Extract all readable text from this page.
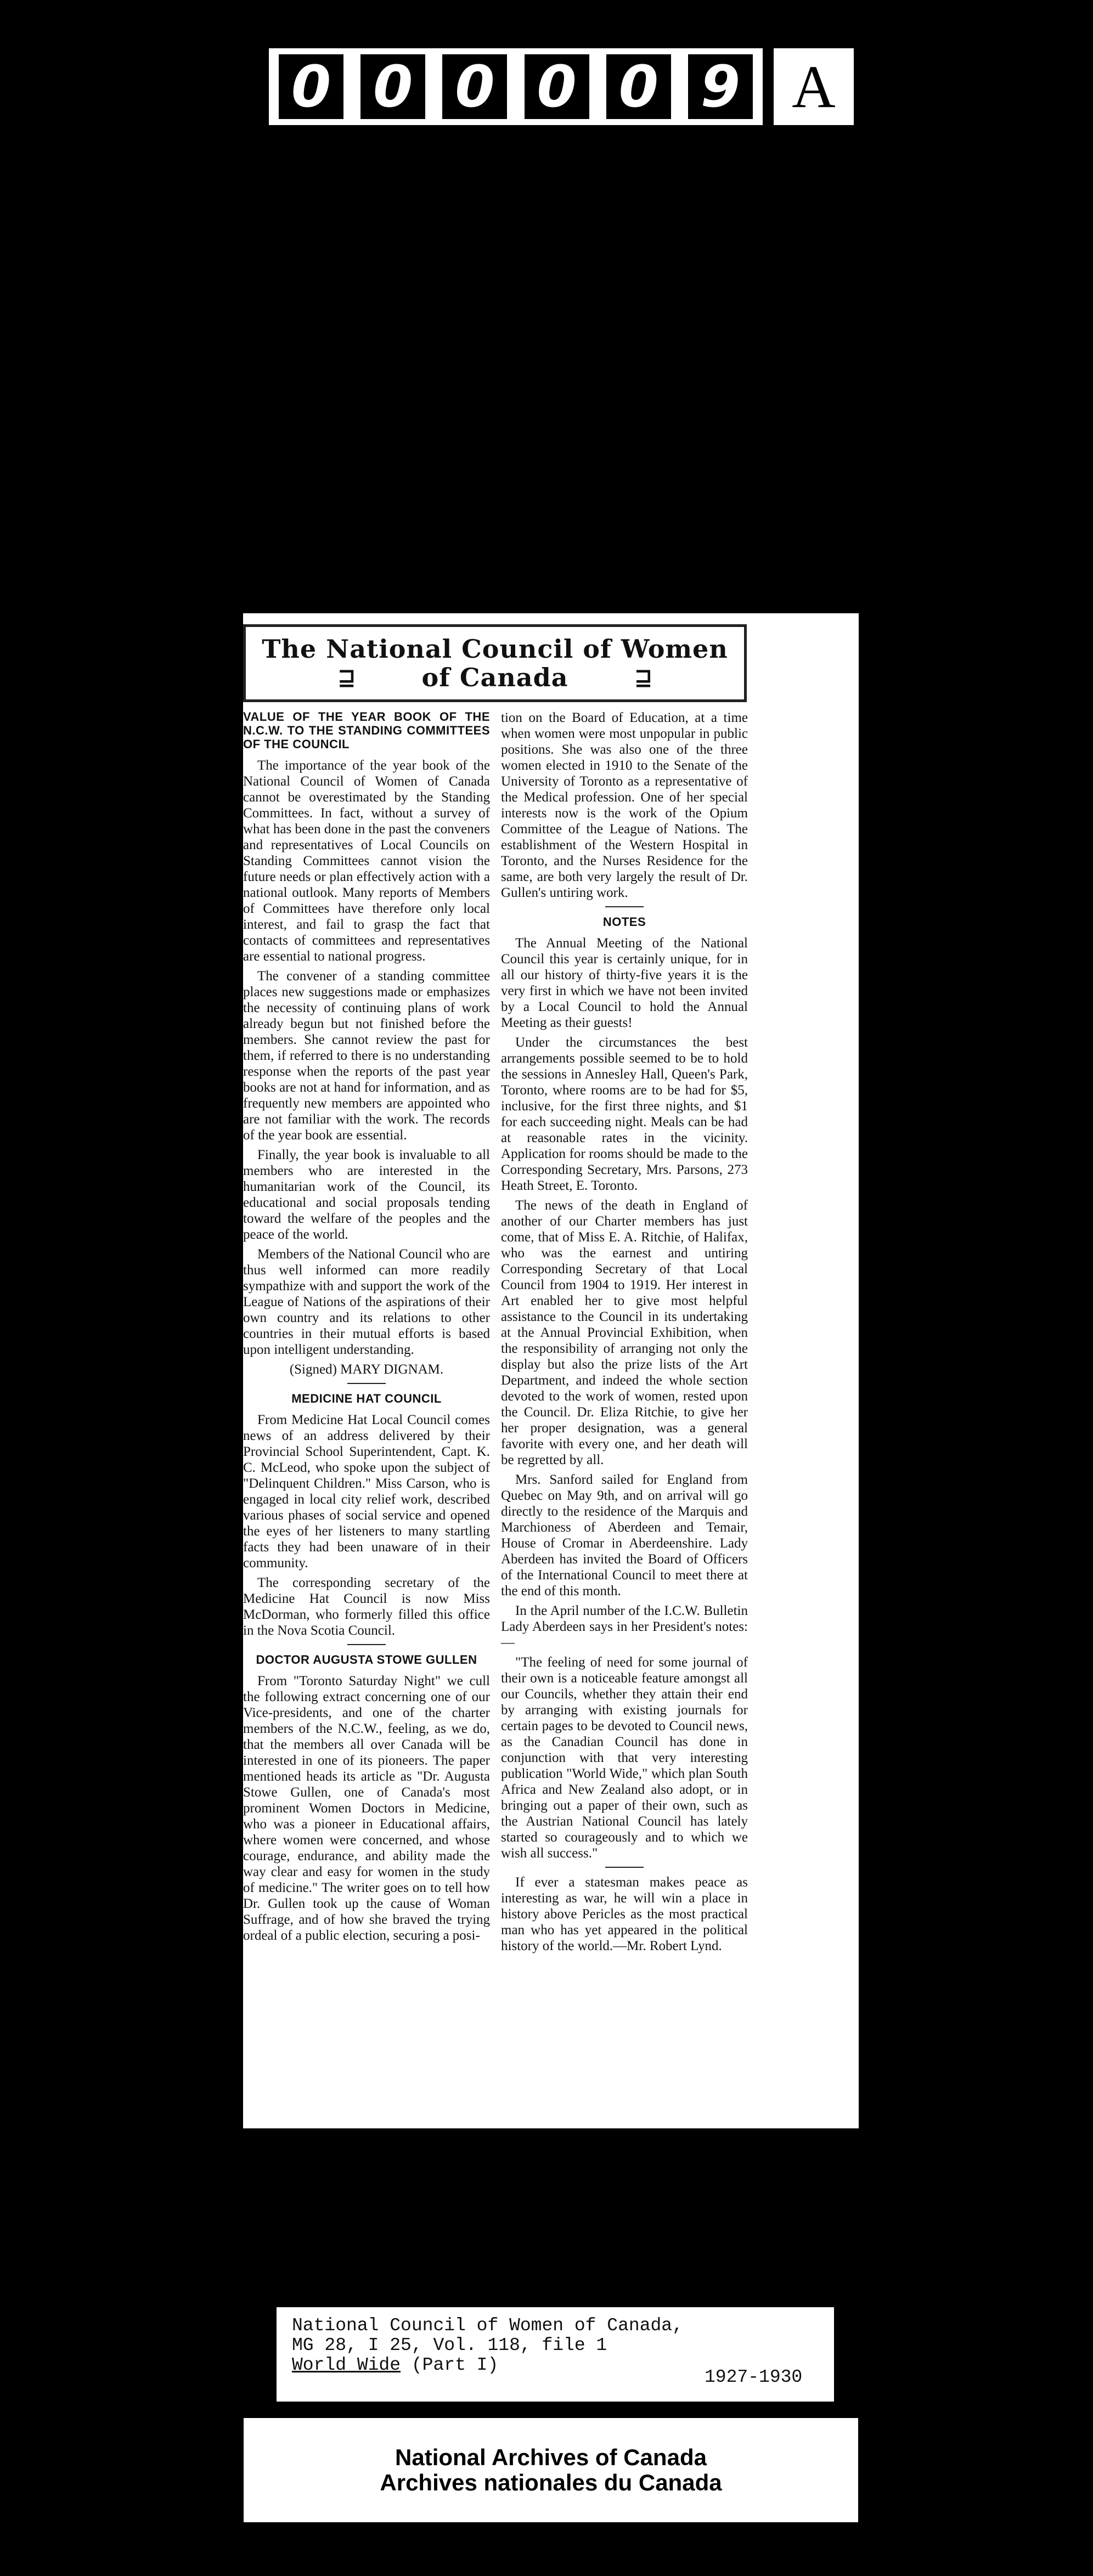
0 0 0 0 0 9 A
The National Council of Women
⊒	of Canada	⊒
VALUE OF THE YEAR BOOK OF THE N.C.W. TO THE STANDING COMMITTEES OF THE COUNCIL

The importance of the year book of the National Council of Women of Canada cannot be overestimated by the Standing Committees. In fact, without a survey of what has been done in the past the conveners and representatives of Local Councils on Standing Committees cannot vision the future needs or plan effectively action with a national outlook. Many reports of Members of Committees have therefore only local interest, and fail to grasp the fact that contacts of committees and representatives are essential to national progress.

The convener of a standing committee places new suggestions made or emphasizes the necessity of continuing plans of work already begun but not finished before the members. She cannot review the past for them, if referred to there is no understanding response when the reports of the past year books are not at hand for information, and as frequently new members are appointed who are not familiar with the work. The records of the year book are essential.

Finally, the year book is invaluable to all members who are interested in the humanitarian work of the Council, its educational and social proposals tending toward the welfare of the peoples and the peace of the world.

Members of the National Council who are thus well informed can more readily sympathize with and support the work of the League of Nations of the aspirations of their own country and its relations to other countries in their mutual efforts is based upon intelligent understanding.

(Signed) MARY DIGNAM.

MEDICINE HAT COUNCIL

From Medicine Hat Local Council comes news of an address delivered by their Provincial School Superintendent, Capt. K. C. McLeod, who spoke upon the subject of "Delinquent Children." Miss Carson, who is engaged in local city relief work, described various phases of social service and opened the eyes of her listeners to many startling facts they had been unaware of in their community.

The corresponding secretary of the Medicine Hat Council is now Miss McDorman, who formerly filled this office in the Nova Scotia Council.

DOCTOR AUGUSTA STOWE GULLEN

From "Toronto Saturday Night" we cull the following extract concerning one of our Vice-presidents, and one of the charter members of the N.C.W., feeling, as we do, that the members all over Canada will be interested in one of its pioneers. The paper mentioned heads its article as "Dr. Augusta Stowe Gullen, one of Canada's most prominent Women Doctors in Medicine, who was a pioneer in Educational affairs, where women were concerned, and whose courage, endurance, and ability made the way clear and easy for women in the study of medicine." The writer goes on to tell how Dr. Gullen took up the cause of Woman Suffrage, and of how she braved the trying ordeal of a public election, securing a posi-

tion on the Board of Education, at a time when women were most unpopular in public positions. She was also one of the three women elected in 1910 to the Senate of the University of Toronto as a representative of the Medical profession. One of her special interests now is the work of the Opium Committee of the League of Nations. The establishment of the Western Hospital in Toronto, and the Nurses Residence for the same, are both very largely the result of Dr. Gullen's untiring work.

NOTES

The Annual Meeting of the National Council this year is certainly unique, for in all our history of thirty-five years it is the very first in which we have not been invited by a Local Council to hold the Annual Meeting as their guests!

Under the circumstances the best arrangements possible seemed to be to hold the sessions in Annesley Hall, Queen's Park, Toronto, where rooms are to be had for $5, inclusive, for the first three nights, and $1 for each succeeding night. Meals can be had at reasonable rates in the vicinity. Application for rooms should be made to the Corresponding Secretary, Mrs. Parsons, 273 Heath Street, E. Toronto.

The news of the death in England of another of our Charter members has just come, that of Miss E. A. Ritchie, of Halifax, who was the earnest and untiring Corresponding Secretary of that Local Council from 1904 to 1919. Her interest in Art enabled her to give most helpful assistance to the Council in its undertaking at the Annual Provincial Exhibition, when the responsibility of arranging not only the display but also the prize lists of the Art Department, and indeed the whole section devoted to the work of women, rested upon the Council. Dr. Eliza Ritchie, to give her her proper designation, was a general favorite with every one, and her death will be regretted by all.

Mrs. Sanford sailed for England from Quebec on May 9th, and on arrival will go directly to the residence of the Marquis and Marchioness of Aberdeen and Temair, House of Cromar in Aberdeenshire. Lady Aberdeen has invited the Board of Officers of the International Council to meet there at the end of this month.

In the April number of the I.C.W. Bulletin Lady Aberdeen says in her President's notes:—

"The feeling of need for some journal of their own is a noticeable feature amongst all our Councils, whether they attain their end by arranging with existing journals for certain pages to be devoted to Council news, as the Canadian Council has done in conjunction with that very interesting publication "World Wide," which plan South Africa and New Zealand also adopt, or in bringing out a paper of their own, such as the Austrian National Council has lately started so courageously and to which we wish all success."

If ever a statesman makes peace as interesting as war, he will win a place in history above Pericles as the most practical man who has yet appeared in the political history of the world.—Mr. Robert Lynd.

National Council of Women of Canada,
MG 28, I 25, Vol. 118, file 1
World Wide (Part I)
1927-1930
National Archives of Canada
Archives nationales du Canada
